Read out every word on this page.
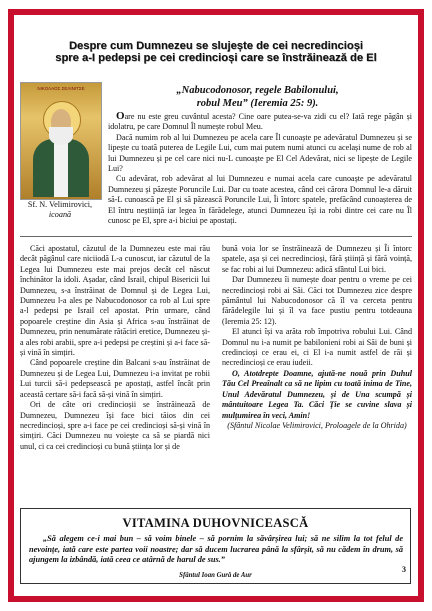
Despre cum Dumnezeu se slujește de cei necredincioși
spre a-I pedepsi pe cei credincioși care se înstrăinează de El
ΝΙΚΟΛΑΟΣ ΣΕΛΙΝΙΤΣΕ
Sf. N. Velimirovici,
icoană
„Nabucodonosor, regele Babilonului,
robul Meu” (Ieremia 25: 9).

Oare nu este greu cuvântul acesta? Cine oare putea-se-va zidi cu el? Iată rege păgân și idolatru, pe care Domnul Îl numește robul Meu.

Dacă numim rob al lui Dumnezeu pe acela care Îl cunoaște pe adevăratul Dumnezeu și se lipește cu toată puterea de Legile Lui, cum mai putem numi atunci cu același nume de rob al lui Dumnezeu și pe cel care nici nu-L cunoaște pe El Cel Adevărat, nici se lipește de Legile Lui?

Cu adevărat, rob adevărat al lui Dumnezeu e numai acela care cunoaște pe adevăratul Dumnezeu și păzește Poruncile Lui. Dar cu toate acestea, când cei cărora Domnul le-a dăruit să-L cunoască pe El și să păzească Poruncile Lui, Îi întorc spatele, prefăcând cunoașterea de El întru neștiință iar legea în fărădelege, atunci Dumnezeu își ia robi dintre cei care nu Îl cunosc pe El, spre a-i biciui pe apostați.

Căci apostatul, căzutul de la Dumnezeu este mai rău decât păgânul care niciiodă L-a cunoscut, iar căzutul de la Legea lui Dumnezeu este mai prejos decât cel născut închinător la idoli. Așadar, când Israil, chipul Bisericii lui Dumnezeu, s-a înstrăinat de Domnul și de Legea Lui, Dumnezeu l-a ales pe Nabucodonosor ca rob al Lui spre a-l pedepsi pe Israil cel apostat. Prin urmare, când popoarele creștine din Asia și Africa s-au înstrăinat de Dumnezeu, prin nenumărate rătăciri eretice, Dumnezeu și-a ales robi arabii, spre a-i pedepsi pe creștini și a-i face să-și vină în simțiri.

Când popoarele creștine din Balcani s-au înstrăinat de Dumnezeu și de Legea Lui, Dumnezeu i-a invitat pe robii Lui turcii să-i pedepsească pe apostați, astfel încât prin această certare să-i facă să-și vină în simțiri.

Ori de câte ori credincioșii se înstrăinează de Dumnezeu, Dumnezeu își face bici tăios din cei necredincioși, spre a-i face pe cei credincioși să-și vină în simțiri. Căci Dumnezeu nu voiește ca să se piardă nici unul, ci ca cei credincioși cu bună știința lor și de

bună voia lor se înstrăinează de Dumnezeu și Îi întorc spatele, așa și cei necredincioși, fără știință și fără voință, se fac robi ai lui Dumnezeu: adică sfântul Lui bici.

Dar Dumnezeu îi numește doar pentru o vreme pe cei necredincioși robi ai Săi. Căci tot Dumnezeu zice despre pământul lui Nabucodonosor că îl va cerceta pentru fărădelegile lui și îl va face pustiu pentru totdeauna (Ieremia 25: 12).

El atunci își va arăta rob împotriva robului Lui. Când Domnul nu i-a numit pe babilonieni robi ai Săi de buni și credincioși ce erau ei, ci El i-a numit astfel de răi și necredincioși ce erau iudeii.

O, Atotdrepte Doamne, ajută-ne nouă prin Duhul Tău Cel Preaînalt ca să ne lipim cu toată inima de Tine, Unul Adevăratul Dumnezeu, și de Una scumpă și mântuitoare Legea Ta. Căci Ție se cuvine slava și mulțumirea în veci, Amin!

(Sfântul Nicolae Velimirovici, Proloagele de la Ohrida)

VITAMINA DUHOVNICEASCĂ
„Să alegem ce-i mai bun – să voim binele – să pornim la săvârșirea lui; să ne silim la tot felul de nevoințe, iată care este partea voii noastre; dar să ducem lucrarea până la sfârșit, să nu cădem în drum, să ajungem la izbândă, iată ceea ce atârnă de harul de sus.”
Sfântul Ioan Gură de Aur
3
